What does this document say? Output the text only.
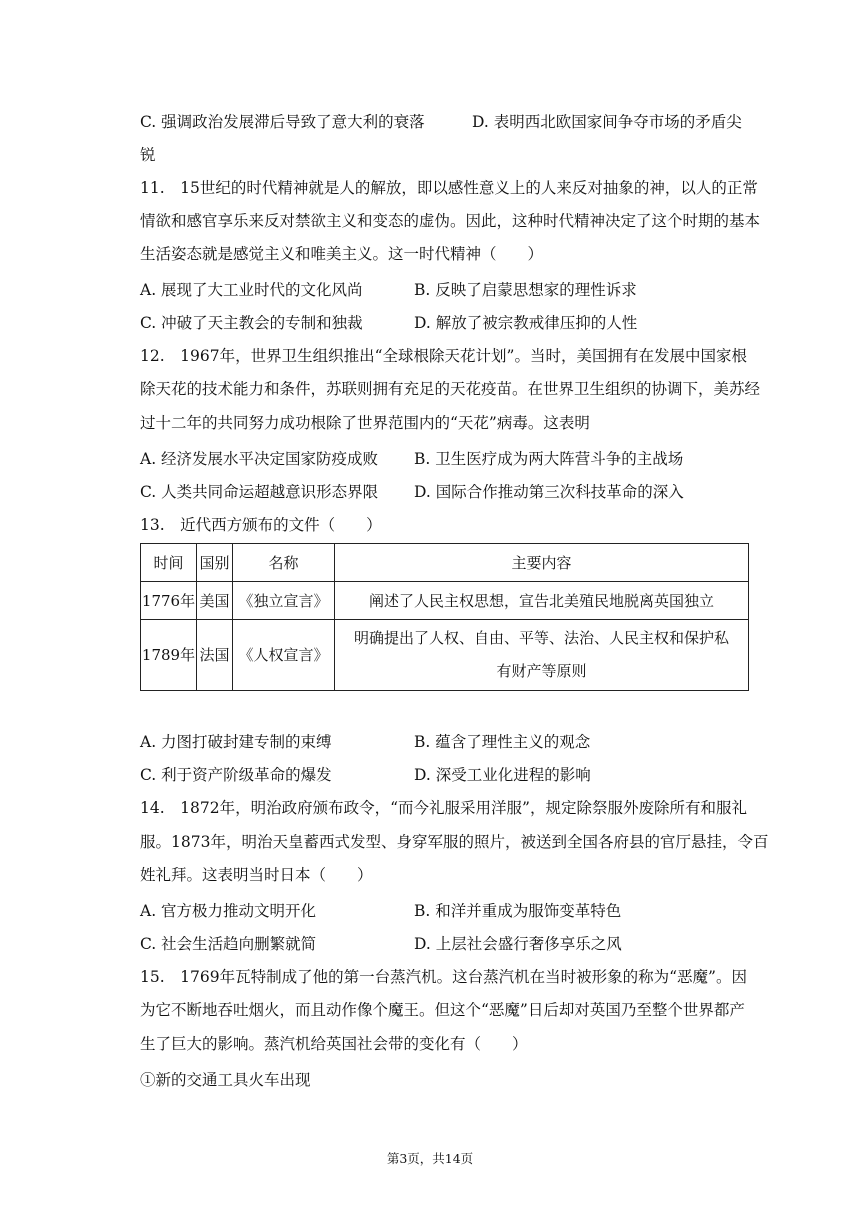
C. 强调政治发展滞后导致了意大利的衰落	D. 表明西北欧国家间争夺市场的矛盾尖
锐
11.　15世纪的时代精神就是人的解放，即以感性意义上的人来反对抽象的神，以人的正常
情欲和感官享乐来反对禁欲主义和变态的虚伪。因此，这种时代精神决定了这个时期的基本
生活姿态就是感觉主义和唯美主义。这一时代精神（　　）
A. 展现了大工业时代的文化风尚	B. 反映了启蒙思想家的理性诉求
C. 冲破了天主教会的专制和独裁	D. 解放了被宗教戒律压抑的人性
12.　1967年，世界卫生组织推出“全球根除天花计划”。当时，美国拥有在发展中国家根
除天花的技术能力和条件，苏联则拥有充足的天花疫苗。在世界卫生组织的协调下，美苏经
过十二年的共同努力成功根除了世界范围内的“天花”病毒。这表明
A. 经济发展水平决定国家防疫成败 B. 卫生医疗成为两大阵营斗争的主战场
C. 人类共同命运超越意识形态界限 D. 国际合作推动第三次科技革命的深入
13.　近代西方颁布的文件（　　）
时间	国别	名称	主要内容
1776年	美国	《独立宣言》	阐述了人民主权思想，宣告北美殖民地脱离英国独立
1789年	法国	《人权宣言》	明确提出了人权、自由、平等、法治、人民主权和保护私
有财产等原则
A. 力图打破封建专制的束缚	B. 蕴含了理性主义的观念
C. 利于资产阶级革命的爆发	D. 深受工业化进程的影响
14.　1872年，明治政府颁布政令，“而今礼服采用洋服”，规定除祭服外废除所有和服礼
服。1873年，明治天皇蓄西式发型、身穿军服的照片，被送到全国各府县的官厅悬挂，令百
姓礼拜。这表明当时日本（　　）
A. 官方极力推动文明开化	B. 和洋并重成为服饰变革特色
C. 社会生活趋向删繁就简	D. 上层社会盛行奢侈享乐之风
15.　1769年瓦特制成了他的第一台蒸汽机。这台蒸汽机在当时被形象的称为“恶魔”。因
为它不断地吞吐烟火，而且动作像个魔王。但这个“恶魔”日后却对英国乃至整个世界都产
生了巨大的影响。蒸汽机给英国社会带的变化有（　　）
①新的交通工具火车出现
第3页，共14页
